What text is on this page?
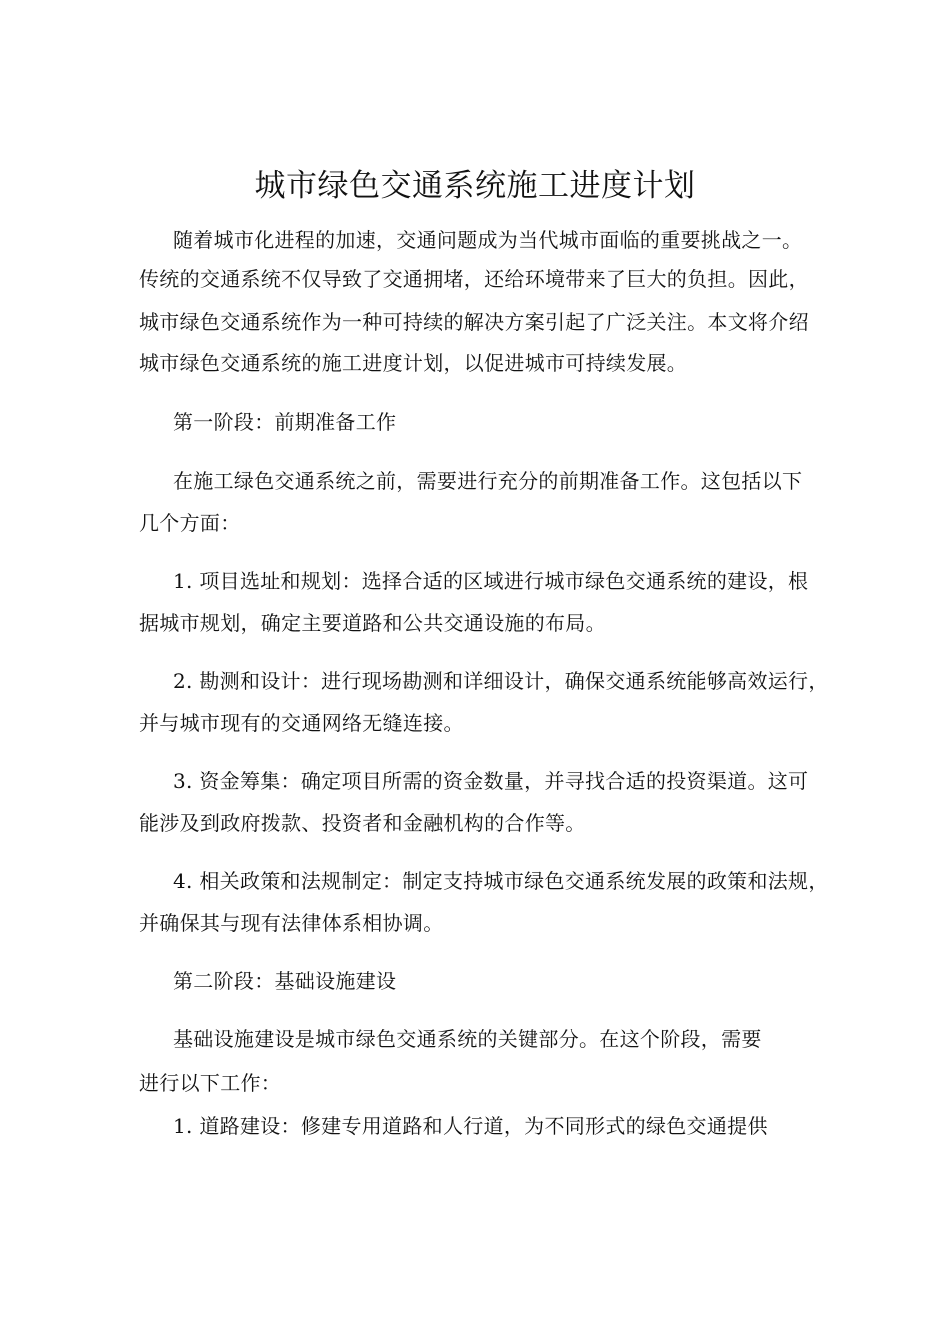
城市绿色交通系统施工进度计划
随着城市化进程的加速，交通问题成为当代城市面临的重要挑战之一。
传统的交通系统不仅导致了交通拥堵，还给环境带来了巨大的负担。因此，
城市绿色交通系统作为一种可持续的解决方案引起了广泛关注。本文将介绍
城市绿色交通系统的施工进度计划，以促进城市可持续发展。
第一阶段：前期准备工作
在施工绿色交通系统之前，需要进行充分的前期准备工作。这包括以下
几个方面：
1. 项目选址和规划：选择合适的区域进行城市绿色交通系统的建设，根
据城市规划，确定主要道路和公共交通设施的布局。
2. 勘测和设计：进行现场勘测和详细设计，确保交通系统能够高效运行，
并与城市现有的交通网络无缝连接。
3. 资金筹集：确定项目所需的资金数量，并寻找合适的投资渠道。这可
能涉及到政府拨款、投资者和金融机构的合作等。
4. 相关政策和法规制定：制定支持城市绿色交通系统发展的政策和法规，
并确保其与现有法律体系相协调。
第二阶段：基础设施建设
基础设施建设是城市绿色交通系统的关键部分。在这个阶段，需要
进行以下工作：
1. 道路建设：修建专用道路和人行道，为不同形式的绿色交通提供
